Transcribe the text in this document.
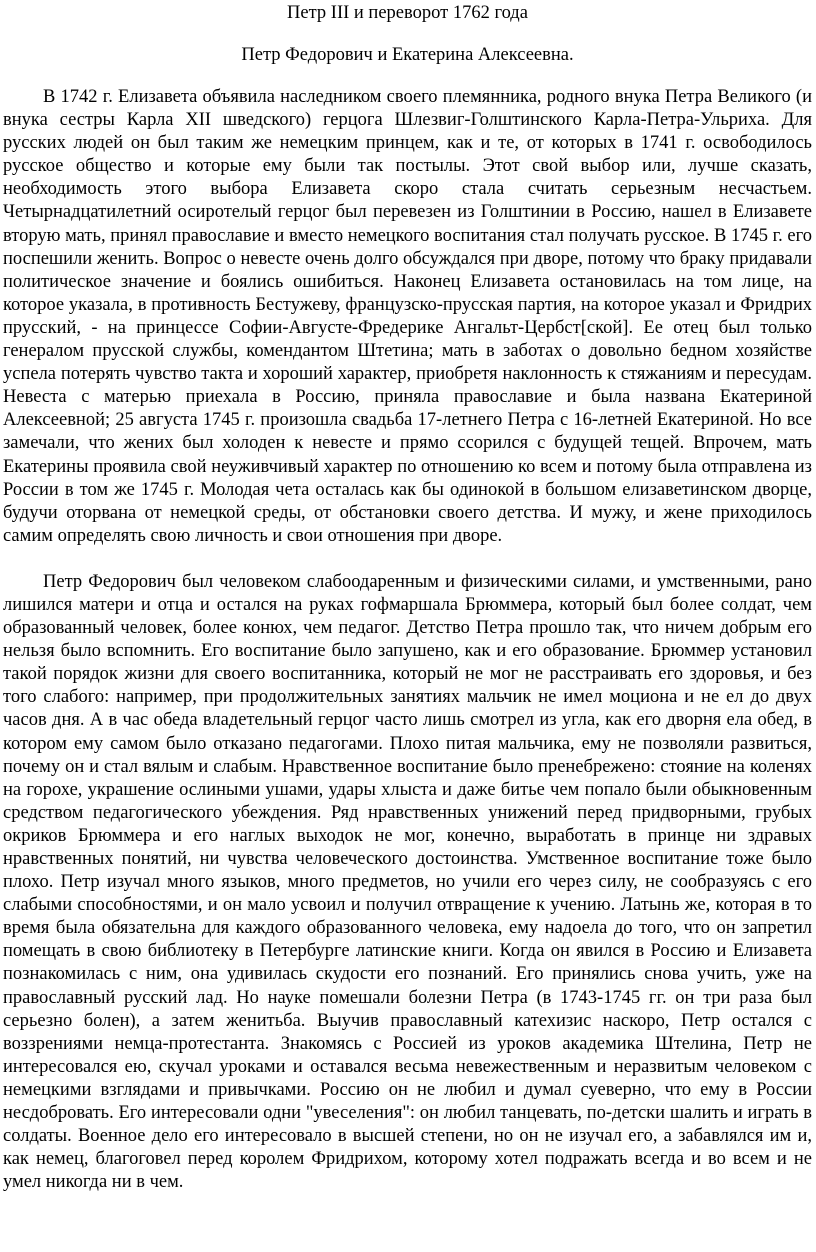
Петр III и переворот 1762 года

Петр Федорович и Екатерина Алексеевна.

В 1742 г. Елизавета объявила наследником своего племянника, родного внука Петра Великого (и внука сестры Карла XII шведского) герцога Шлезвиг-Голштинского Карла-Петра-Ульриха. Для русских людей он был таким же немецким принцем, как и те, от которых в 1741 г. освободилось русское общество и которые ему были так постылы. Этот свой выбор или, лучше сказать, необходимость этого выбора Елизавета скоро стала считать серьезным несчастьем. Четырнадцатилетний осиротелый герцог был перевезен из Голштинии в Россию, нашел в Елизавете вторую мать, принял православие и вместо немецкого воспитания стал получать русское. В 1745 г. его поспешили женить. Вопрос о невесте очень долго обсуждался при дворе, потому что браку придавали политическое значение и боялись ошибиться. Наконец Елизавета остановилась на том лице, на которое указала, в противность Бестужеву, французско-прусская партия, на которое указал и Фридрих прусский, - на принцессе Софии-Августе-Фредерике Ангальт-Цербст[ской]. Ее отец был только генералом прусской службы, комендантом Штетина; мать в заботах о довольно бедном хозяйстве успела потерять чувство такта и хороший характер, приобретя наклонность к стяжаниям и пересудам. Невеста с матерью приехала в Россию, приняла православие и была названа Екатериной Алексеевной; 25 августа 1745 г. произошла свадьба 17-летнего Петра с 16-летней Екатериной. Но все замечали, что жених был холоден к невесте и прямо ссорился с будущей тещей. Впрочем, мать Екатерины проявила свой неуживчивый характер по отношению ко всем и потому была отправлена из России в том же 1745 г. Молодая чета осталась как бы одинокой в большом елизаветинском дворце, будучи оторвана от немецкой среды, от обстановки своего детства. И мужу, и жене приходилось самим определять свою личность и свои отношения при дворе.

Петр Федорович был человеком слабоодаренным и физическими силами, и умственными, рано лишился матери и отца и остался на руках гофмаршала Брюммера, который был более солдат, чем образованный человек, более конюх, чем педагог. Детство Петра прошло так, что ничем добрым его нельзя было вспомнить. Его воспитание было запушено, как и его образование. Брюммер установил такой порядок жизни для своего воспитанника, который не мог не расстраивать его здоровья, и без того слабого: например, при продолжительных занятиях мальчик не имел моциона и не ел до двух часов дня. А в час обеда владетельный герцог часто лишь смотрел из угла, как его дворня ела обед, в котором ему самом было отказано педагогами. Плохо питая мальчика, ему не позволяли развиться, почему он и стал вялым и слабым. Нравственное воспитание было пренебрежено: стояние на коленях на горохе, украшение ослиными ушами, удары хлыста и даже битье чем попало были обыкновенным средством педагогического убеждения. Ряд нравственных унижений перед придворными, грубых окриков Брюммера и его наглых выходок не мог, конечно, выработать в принце ни здравых нравственных понятий, ни чувства человеческого достоинства. Умственное воспитание тоже было плохо. Петр изучал много языков, много предметов, но учили его через силу, не сообразуясь с его слабыми способностями, и он мало усвоил и получил отвращение к учению. Латынь же, которая в то время была обязательна для каждого образованного человека, ему надоела до того, что он запретил помещать в свою библиотеку в Петербурге латинские книги. Когда он явился в Россию и Елизавета познакомилась с ним, она удивилась скудости его познаний. Его принялись снова учить, уже на православный русский лад. Но науке помешали болезни Петра (в 1743-1745 гг. он три раза был серьезно болен), а затем женитьба. Выучив православный катехизис наскоро, Петр остался с воззрениями немца-протестанта. Знакомясь с Россией из уроков академика Штелина, Петр не интересовался ею, скучал уроками и оставался весьма невежественным и неразвитым человеком с немецкими взглядами и привычками. Россию он не любил и думал суеверно, что ему в России несдобровать. Его интересовали одни "увеселения": он любил танцевать, по-детски шалить и играть в солдаты. Военное дело его интересовало в высшей степени, но он не изучал его, а забавлялся им и, как немец, благоговел перед королем Фридрихом, которому хотел подражать всегда и во всем и не умел никогда ни в чем.
